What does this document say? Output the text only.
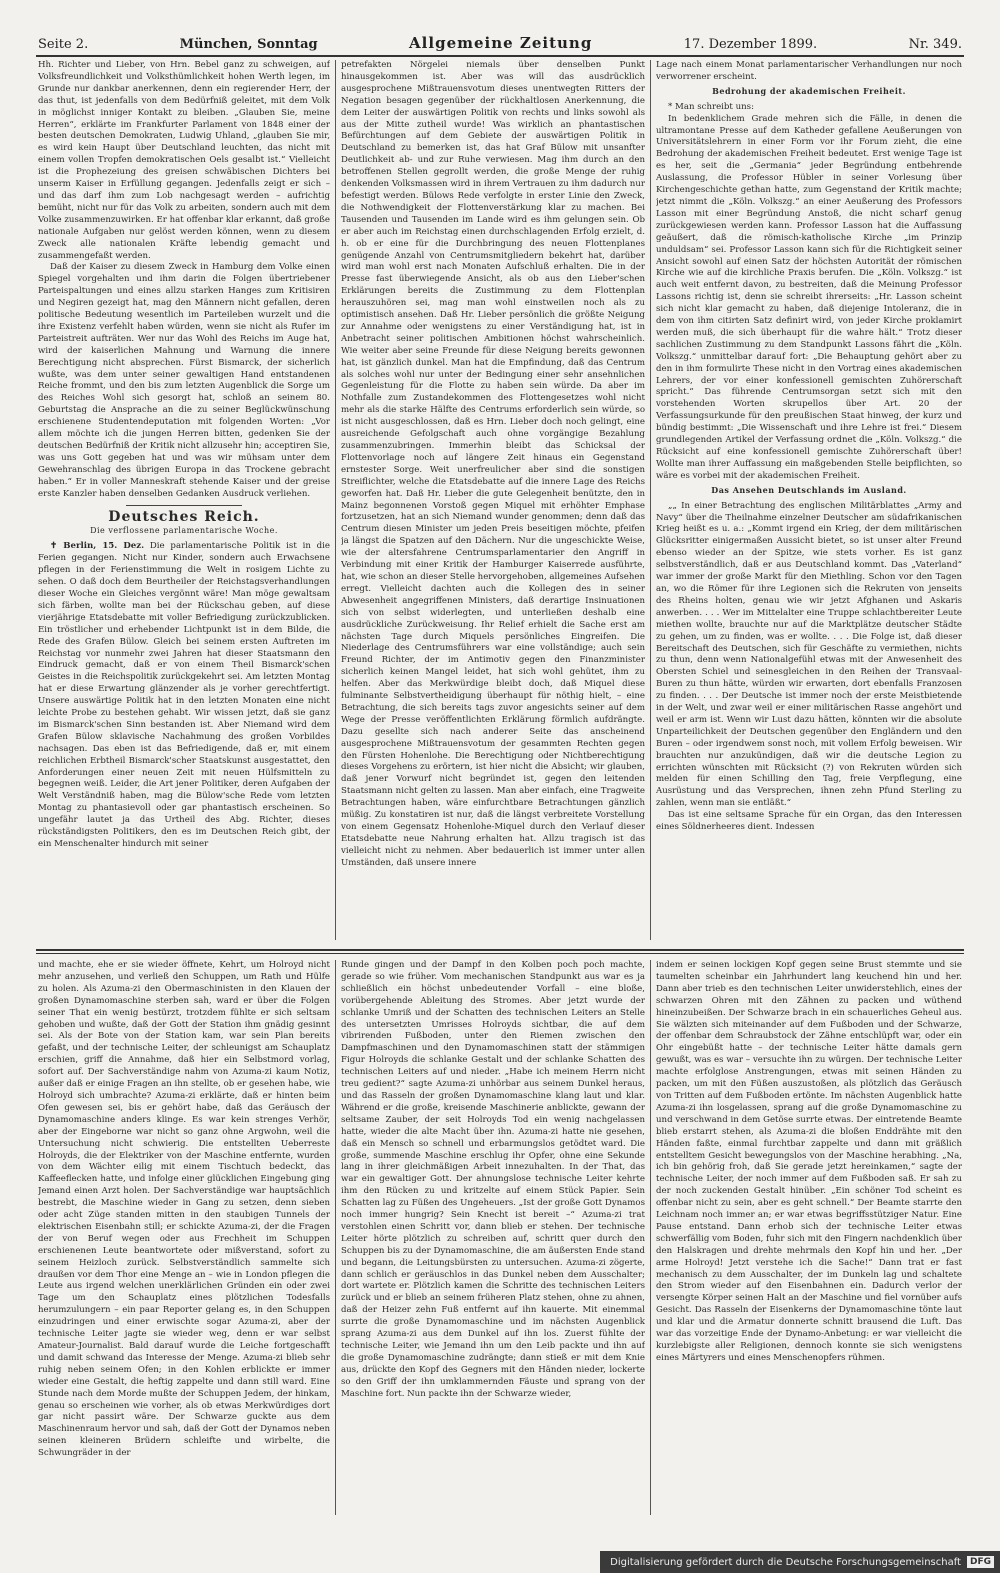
Seite 2.	München, Sonntag	Allgemeine Zeitung	17. Dezember 1899.	Nr. 349.

Hh. Richter und Lieber, von Hrn. Bebel ganz zu schweigen, auf Volksfreundlichkeit und Volksthümlichkeit hohen Werth legen, im Grunde nur dankbar anerkennen, denn ein regierender Herr, der das thut, ist jedenfalls von dem Bedürfniß geleitet, mit dem Volk in möglichst inniger Kontakt zu bleiben. „Glauben Sie, meine Herren“, erklärte im Frankfurter Parlament von 1848 einer der besten deutschen Demokraten, Ludwig Uhland, „glauben Sie mir, es wird kein Haupt über Deutschland leuchten, das nicht mit einem vollen Tropfen demokratischen Oels gesalbt ist.“ Vielleicht ist die Prophezeiung des greisen schwäbischen Dichters bei unserm Kaiser in Erfüllung gegangen. Jedenfalls zeigt er sich – und das darf ihm zum Lob nachgesagt werden – aufrichtig bemüht, nicht nur für das Volk zu arbeiten, sondern auch mit dem Volke zusammenzuwirken. Er hat offenbar klar erkannt, daß große nationale Aufgaben nur gelöst werden können, wenn zu diesem Zweck alle nationalen Kräfte lebendig gemacht und zusammengefaßt werden.

Daß der Kaiser zu diesem Zweck in Hamburg dem Volke einen Spiegel vorgehalten und ihm darin die Folgen übertriebener Parteispaltungen und eines allzu starken Hanges zum Kritisiren und Negiren gezeigt hat, mag den Männern nicht gefallen, deren politische Bedeutung wesentlich im Parteileben wurzelt und die ihre Existenz verfehlt haben würden, wenn sie nicht als Rufer im Parteistreit aufträten. Wer nur das Wohl des Reichs im Auge hat, wird der kaiserlichen Mahnung und Warnung die innere Berechtigung nicht absprechen. Fürst Bismarck, der sicherlich wußte, was dem unter seiner gewaltigen Hand entstandenen Reiche frommt, und den bis zum letzten Augenblick die Sorge um des Reiches Wohl sich gesorgt hat, schloß an seinem 80. Geburtstag die Ansprache an die zu seiner Beglückwünschung erschienene Studentendeputation mit folgenden Worten: „Vor allem möchte ich die jungen Herren bitten, gedenken Sie der deutschen Bedürfniß der Kritik nicht allzusehr hin; acceptiren Sie, was uns Gott gegeben hat und was wir mühsam unter dem Gewehranschlag des übrigen Europa in das Trockene gebracht haben.“ Er in voller Manneskraft stehende Kaiser und der greise erste Kanzler haben denselben Gedanken Ausdruck verliehen.

Deutsches Reich.
Die verflossene parlamentarische Woche.

✝ Berlin, 15. Dez. Die parlamentarische Politik ist in die Ferien gegangen. Nicht nur Kinder, sondern auch Erwachsene pflegen in der Ferienstimmung die Welt in rosigem Lichte zu sehen. O daß doch dem Beurtheiler der Reichstagsverhandlungen dieser Woche ein Gleiches vergönnt wäre! Man möge gewaltsam sich färben, wollte man bei der Rückschau geben, auf diese vierjährige Etatsdebatte mit voller Befriedigung zurückzublicken. Ein tröstlicher und erhebender Lichtpunkt ist in dem Bilde, die Rede des Grafen Bülow. Gleich bei seinem ersten Auftreten im Reichstag vor nunmehr zwei Jahren hat dieser Staatsmann den Eindruck gemacht, daß er von einem Theil Bismarck'schen Geistes in die Reichspolitik zurückgekehrt sei. Am letzten Montag hat er diese Erwartung glänzender als je vorher gerechtfertigt. Unsere auswärtige Politik hat in den letzten Monaten eine nicht leichte Probe zu bestehen gehabt. Wir wissen jetzt, daß sie ganz im Bismarck'schen Sinn bestanden ist. Aber Niemand wird dem Grafen Bülow sklavische Nachahmung des großen Vorbildes nachsagen. Das eben ist das Befriedigende, daß er, mit einem reichlichen Erbtheil Bismarck'scher Staatskunst ausgestattet, den Anforderungen einer neuen Zeit mit neuen Hülfsmitteln zu begegnen weiß. Leider, die Art jener Politiker, deren Aufgaben der Welt Verständniß haben, mag die Bülow'sche Rede vom letzten Montag zu phantasievoll oder gar phantastisch erscheinen. So ungefähr lautet ja das Urtheil des Abg. Richter, dieses rückständigsten Politikers, den es im Deutschen Reich gibt, der ein Menschenalter hindurch mit seiner

petrefakten Nörgelei niemals über denselben Punkt hinausgekommen ist. Aber was will das ausdrücklich ausgesprochene Mißtrauensvotum dieses unentwegten Ritters der Negation besagen gegenüber der rückhaltlosen Anerkennung, die dem Leiter der auswärtigen Politik von rechts und links sowohl als aus der Mitte zutheil wurde! Was wirklich an phantastischen Befürchtungen auf dem Gebiete der auswärtigen Politik in Deutschland zu bemerken ist, das hat Graf Bülow mit unsanfter Deutlichkeit ab- und zur Ruhe verwiesen. Mag ihm durch an den betroffenen Stellen gegrollt werden, die große Menge der ruhig denkenden Volksmassen wird in ihrem Vertrauen zu ihm dadurch nur befestigt werden. Bülows Rede verfolgte in erster Linie den Zweck, die Nothwendigkeit der Flottenverstärkung klar zu machen. Bei Tausenden und Tausenden im Lande wird es ihm gelungen sein. Ob er aber auch im Reichstag einen durchschlagenden Erfolg erzielt, d. h. ob er eine für die Durchbringung des neuen Flottenplanes genügende Anzahl von Centrumsmitgliedern bekehrt hat, darüber wird man wohl erst nach Monaten Aufschluß erhalten. Die in der Presse fast überwiegende Ansicht, als ob aus den Lieber'schen Erklärungen bereits die Zustimmung zu dem Flottenplan herauszuhören sei, mag man wohl einstweilen noch als zu optimistisch ansehen. Daß Hr. Lieber persönlich die größte Neigung zur Annahme oder wenigstens zu einer Verständigung hat, ist in Anbetracht seiner politischen Ambitionen höchst wahrscheinlich. Wie weiter aber seine Freunde für diese Neigung bereits gewonnen hat, ist gänzlich dunkel. Man hat die Empfindung, daß das Centrum als solches wohl nur unter der Bedingung einer sehr ansehnlichen Gegenleistung für die Flotte zu haben sein würde. Da aber im Nothfalle zum Zustandekommen des Flottengesetzes wohl nicht mehr als die starke Hälfte des Centrums erforderlich sein würde, so ist nicht ausgeschlossen, daß es Hrn. Lieber doch noch gelingt, eine ausreichende Gefolgschaft auch ohne vorgängige Bezahlung zusammenzubringen. Immerhin bleibt das Schicksal der Flottenvorlage noch auf längere Zeit hinaus ein Gegenstand ernstester Sorge. Weit unerfreulicher aber sind die sonstigen Streiflichter, welche die Etatsdebatte auf die innere Lage des Reichs geworfen hat. Daß Hr. Lieber die gute Gelegenheit benützte, den in Mainz begonnenen Vorstoß gegen Miquel mit erhöhter Emphase fortzusetzen, hat an sich Niemand wunder genommen; denn daß das Centrum diesen Minister um jeden Preis beseitigen möchte, pfeifen ja längst die Spatzen auf den Dächern. Nur die ungeschickte Weise, wie der altersfahrene Centrumsparlamentarier den Angriff in Verbindung mit einer Kritik der Hamburger Kaiserrede ausführte, hat, wie schon an dieser Stelle hervorgehoben, allgemeines Aufsehen erregt. Vielleicht dachten auch die Kollegen des in seiner Abwesenheit angegriffenen Ministers, daß derartige Insinuationen sich von selbst widerlegten, und unterließen deshalb eine ausdrückliche Zurückweisung. Ihr Relief erhielt die Sache erst am nächsten Tage durch Miquels persönliches Eingreifen. Die Niederlage des Centrumsführers war eine vollständige; auch sein Freund Richter, der im Antimotiv gegen den Finanzminister sicherlich keinen Mangel leidet, hat sich wohl gehütet, ihm zu helfen. Aber das Merkwürdige bleibt doch, daß Miquel diese fulminante Selbstvertheidigung überhaupt für nöthig hielt, – eine Betrachtung, die sich bereits tags zuvor angesichts seiner auf dem Wege der Presse veröffentlichten Erklärung förmlich aufdrängte. Dazu gesellte sich nach anderer Seite das anscheinend ausgesprochene Mißtrauensvotum der gesammten Rechten gegen den Fürsten Hohenlohe. Die Berechtigung oder Nichtberechtigung dieses Vorgehens zu erörtern, ist hier nicht die Absicht; wir glauben, daß jener Vorwurf nicht begründet ist, gegen den leitenden Staatsmann nicht gelten zu lassen. Man aber einfach, eine Tragweite Betrachtungen haben, wäre einfurchtbare Betrachtungen gänzlich müßig. Zu konstatiren ist nur, daß die längst verbreitete Vorstellung von einem Gegensatz Hohenlohe-Miquel durch den Verlauf dieser Etatsdebatte neue Nahrung erhalten hat. Allzu tragisch ist das vielleicht nicht zu nehmen. Aber bedauerlich ist immer unter allen Umständen, daß unsere innere

Lage nach einem Monat parlamentarischer Verhandlungen nur noch verworrener erscheint.

Bedrohung der akademischen Freiheit.

* Man schreibt uns:

In bedenklichem Grade mehren sich die Fälle, in denen die ultramontane Presse auf dem Katheder gefallene Aeußerungen von Universitätslehrern in einer Form vor ihr Forum zieht, die eine Bedrohung der akademischen Freiheit bedeutet. Erst wenige Tage ist es her, seit die „Germania“ jeder Begründung entbehrende Auslassung, die Professor Hübler in seiner Vorlesung über Kirchengeschichte gethan hatte, zum Gegenstand der Kritik machte; jetzt nimmt die „Köln. Volkszg.“ an einer Aeußerung des Professors Lasson mit einer Begründung Anstoß, die nicht scharf genug zurückgewiesen werden kann. Professor Lasson hat die Auffassung geäußert, daß die römisch-katholische Kirche „im Prinzip unduldsam“ sei. Professor Lasson kann sich für die Richtigkeit seiner Ansicht sowohl auf einen Satz der höchsten Autorität der römischen Kirche wie auf die kirchliche Praxis berufen. Die „Köln. Volkszg.“ ist auch weit entfernt davon, zu bestreiten, daß die Meinung Professor Lassons richtig ist, denn sie schreibt ihrerseits: „Hr. Lasson scheint sich nicht klar gemacht zu haben, daß diejenige Intoleranz, die in dem von ihm citirten Satz definirt wird, von jeder Kirche proklamirt werden muß, die sich überhaupt für die wahre hält.“ Trotz dieser sachlichen Zustimmung zu dem Standpunkt Lassons fährt die „Köln. Volkszg.“ unmittelbar darauf fort: „Die Behauptung gehört aber zu den in ihm formulirte These nicht in den Vortrag eines akademischen Lehrers, der vor einer konfessionell gemischten Zuhörerschaft spricht.“ Das führende Centrumsorgan setzt sich mit den vorstehenden Worten skrupellos über Art. 20 der Verfassungsurkunde für den preußischen Staat hinweg, der kurz und bündig bestimmt: „Die Wissenschaft und ihre Lehre ist frei.“ Diesem grundlegenden Artikel der Verfassung ordnet die „Köln. Volkszg.“ die Rücksicht auf eine konfessionell gemischte Zuhörerschaft über! Wollte man ihrer Auffassung ein maßgebenden Stelle beipflichten, so wäre es vorbei mit der akademischen Freiheit.

Das Ansehen Deutschlands im Ausland.

„„ In einer Betrachtung des englischen Militärblattes „Army and Navy“ über die Theilnahme einzelner Deutscher am südafrikanischen Krieg heißt es u. a.: „Kommt irgend ein Krieg, der dem militärischen Glücksritter einigermaßen Aussicht bietet, so ist unser alter Freund ebenso wieder an der Spitze, wie stets vorher. Es ist ganz selbstverständlich, daß er aus Deutschland kommt. Das „Vaterland“ war immer der große Markt für den Miethling. Schon vor den Tagen an, wo die Römer für ihre Legionen sich die Rekruten von jenseits des Rheins holten, genau wie wir jetzt Afghanen und Askaris anwerben. . . . Wer im Mittelalter eine Truppe schlachtbereiter Leute miethen wollte, brauchte nur auf die Marktplätze deutscher Städte zu gehen, um zu finden, was er wollte. . . . Die Folge ist, daß dieser Bereitschaft des Deutschen, sich für Geschäfte zu vermiethen, nichts zu thun, denn wenn Nationalgefühl etwas mit der Anwesenheit des Obersten Schiel und seinesgleichen in den Reihen der Transvaal-Buren zu thun hätte, würden wir erwarten, dort ebenfalls Franzosen zu finden. . . . Der Deutsche ist immer noch der erste Meistbietende in der Welt, und zwar weil er einer militärischen Rasse angehört und weil er arm ist. Wenn wir Lust dazu hätten, könnten wir die absolute Unparteilichkeit der Deutschen gegenüber den Engländern und den Buren – oder irgendwem sonst noch, mit vollem Erfolg beweisen. Wir brauchten nur anzukündigen, daß wir die deutsche Legion zu errichten wünschten mit Rücksicht (?) von Rekruten würden sich melden für einen Schilling den Tag, freie Verpflegung, eine Ausrüstung und das Versprechen, ihnen zehn Pfund Sterling zu zahlen, wenn man sie entläßt.“

Das ist eine seltsame Sprache für ein Organ, das den Interessen eines Söldnerheeres dient. Indessen

und machte, ehe er sie wieder öffnete, Kehrt, um Holroyd nicht mehr anzusehen, und verließ den Schuppen, um Rath und Hülfe zu holen. Als Azuma-zi den Obermaschinisten in den Klauen der großen Dynamomaschine sterben sah, ward er über die Folgen seiner That ein wenig bestürzt, trotzdem fühlte er sich seltsam gehoben und wußte, daß der Gott der Station ihm gnädig gesinnt sei. Als der Bote von der Station kam, war sein Plan bereits gefaßt, und der technische Leiter, der schleunigst am Schauplatz erschien, griff die Annahme, daß hier ein Selbstmord vorlag, sofort auf. Der Sachverständige nahm von Azuma-zi kaum Notiz, außer daß er einige Fragen an ihn stellte, ob er gesehen habe, wie Holroyd sich umbrachte? Azuma-zi erklärte, daß er hinten beim Ofen gewesen sei, bis er gehört habe, daß das Geräusch der Dynamomaschine anders klinge. Es war kein strenges Verhör, aber der Eingeborne war nicht so ganz ohne Argwohn, weil die Untersuchung nicht schwierig. Die entstellten Ueberreste Holroyds, die der Elektriker von der Maschine entfernte, wurden von dem Wächter eilig mit einem Tischtuch bedeckt, das Kaffeeflecken hatte, und infolge einer glücklichen Eingebung ging Jemand einen Arzt holen. Der Sachverständige war hauptsächlich bestrebt, die Maschine wieder in Gang zu setzen, denn sieben oder acht Züge standen mitten in den staubigen Tunnels der elektrischen Eisenbahn still; er schickte Azuma-zi, der die Fragen der von Beruf wegen oder aus Frechheit im Schuppen erschienenen Leute beantwortete oder mißverstand, sofort zu seinem Heizloch zurück. Selbstverständlich sammelte sich draußen vor dem Thor eine Menge an – wie in London pflegen die Leute aus irgend welchen unerklärlichen Gründen ein oder zwei Tage um den Schauplatz eines plötzlichen Todesfalls herumzulungern – ein paar Reporter gelang es, in den Schuppen einzudringen und einer erwischte sogar Azuma-zi, aber der technische Leiter jagte sie wieder weg, denn er war selbst Amateur-Journalist. Bald darauf wurde die Leiche fortgeschafft und damit schwand das Interesse der Menge. Azuma-zi blieb sehr ruhig neben seinem Ofen; in den Kohlen erblickte er immer wieder eine Gestalt, die heftig zappelte und dann still ward. Eine Stunde nach dem Morde mußte der Schuppen Jedem, der hinkam, genau so erscheinen wie vorher, als ob etwas Merkwürdiges dort gar nicht passirt wäre. Der Schwarze guckte aus dem Maschinenraum hervor und sah, daß der Gott der Dynamos neben seinen kleineren Brüdern schleifte und wirbelte, die Schwungräder in der

Runde gingen und der Dampf in den Kolben poch poch machte, gerade so wie früher. Vom mechanischen Standpunkt aus war es ja schließlich ein höchst unbedeutender Vorfall – eine bloße, vorübergehende Ableitung des Stromes. Aber jetzt wurde der schlanke Umriß und der Schatten des technischen Leiters an Stelle des untersetzten Umrisses Holroyds sichtbar, die auf dem vibrirenden Fußboden, unter den Riemen zwischen den Dampfmaschinen und den Dynamomaschinen statt der stämmigen Figur Holroyds die schlanke Gestalt und der schlanke Schatten des technischen Leiters auf und nieder. „Habe ich meinem Herrn nicht treu gedient?“ sagte Azuma-zi unhörbar aus seinem Dunkel heraus, und das Rasseln der großen Dynamomaschine klang laut und klar. Während er die große, kreisende Maschinerie anblickte, gewann der seltsame Zauber, der seit Holroyds Tod ein wenig nachgelassen hatte, wieder die alte Macht über ihn. Azuma-zi hatte nie gesehen, daß ein Mensch so schnell und erbarmungslos getödtet ward. Die große, summende Maschine erschlug ihr Opfer, ohne eine Sekunde lang in ihrer gleichmäßigen Arbeit innezuhalten. In der That, das war ein gewaltiger Gott. Der ahnungslose technische Leiter kehrte ihm den Rücken zu und kritzelte auf einem Stück Papier. Sein Schatten lag zu Füßen des Ungeheuers. „Ist der große Gott Dynamos noch immer hungrig? Sein Knecht ist bereit –“ Azuma-zi trat verstohlen einen Schritt vor, dann blieb er stehen. Der technische Leiter hörte plötzlich zu schreiben auf, schritt quer durch den Schuppen bis zu der Dynamomaschine, die am äußersten Ende stand und begann, die Leitungsbürsten zu untersuchen. Azuma-zi zögerte, dann schlich er geräuschlos in das Dunkel neben dem Ausschalter; dort wartete er. Plötzlich kamen die Schritte des technischen Leiters zurück und er blieb an seinem früheren Platz stehen, ohne zu ahnen, daß der Heizer zehn Fuß entfernt auf ihn kauerte. Mit einemmal surrte die große Dynamomaschine und im nächsten Augenblick sprang Azuma-zi aus dem Dunkel auf ihn los. Zuerst fühlte der technische Leiter, wie Jemand ihn um den Leib packte und ihn auf die große Dynamomaschine zudrängte; dann stieß er mit dem Knie aus, drückte den Kopf des Gegners mit den Händen nieder, lockerte so den Griff der ihn umklammernden Fäuste und sprang von der Maschine fort. Nun packte ihn der Schwarze wieder,

indem er seinen lockigen Kopf gegen seine Brust stemmte und sie taumelten scheinbar ein Jahrhundert lang keuchend hin und her. Dann aber trieb es den technischen Leiter unwiderstehlich, eines der schwarzen Ohren mit den Zähnen zu packen und wüthend hineinzubeißen. Der Schwarze brach in ein schauerliches Geheul aus. Sie wälzten sich miteinander auf dem Fußboden und der Schwarze, der offenbar dem Schraubstock der Zähne entschlüpft war, oder ein Ohr eingebüßt hatte – der technische Leiter hätte damals gern gewußt, was es war – versuchte ihn zu würgen. Der technische Leiter machte erfolglose Anstrengungen, etwas mit seinen Händen zu packen, um mit den Füßen auszustoßen, als plötzlich das Geräusch von Tritten auf dem Fußboden ertönte. Im nächsten Augenblick hatte Azuma-zi ihn losgelassen, sprang auf die große Dynamomaschine zu und verschwand in dem Getöse surrte etwas. Der eintretende Beamte blieb erstarrt stehen, als Azuma-zi die bloßen Enddrähte mit den Händen faßte, einmal furchtbar zappelte und dann mit gräßlich entstelltem Gesicht bewegungslos von der Maschine herabhing. „Na, ich bin gehörig froh, daß Sie gerade jetzt hereinkamen,“ sagte der technische Leiter, der noch immer auf dem Fußboden saß. Er sah zu der noch zuckenden Gestalt hinüber. „Ein schöner Tod scheint es offenbar nicht zu sein, aber es geht schnell.“ Der Beamte starrte den Leichnam noch immer an; er war etwas begriffsstütziger Natur. Eine Pause entstand. Dann erhob sich der technische Leiter etwas schwerfällig vom Boden, fuhr sich mit den Fingern nachdenklich über den Halskragen und drehte mehrmals den Kopf hin und her. „Der arme Holroyd! Jetzt verstehe ich die Sache!“ Dann trat er fast mechanisch zu dem Ausschalter, der im Dunkeln lag und schaltete den Strom wieder auf den Eisenbahnen ein. Dadurch verlor der versengte Körper seinen Halt an der Maschine und fiel vornüber aufs Gesicht. Das Rasseln der Eisenkerns der Dynamomaschine tönte laut und klar und die Armatur donnerte schnitt brausend die Luft. Das war das vorzeitige Ende der Dynamo-Anbetung: er war vielleicht die kurzlebigste aller Religionen, dennoch konnte sie sich wenigstens eines Märtyrers und eines Menschenopfers rühmen.

Digitalisierung gefördert durch die Deutsche Forschungsgemeinschaft	DFG
